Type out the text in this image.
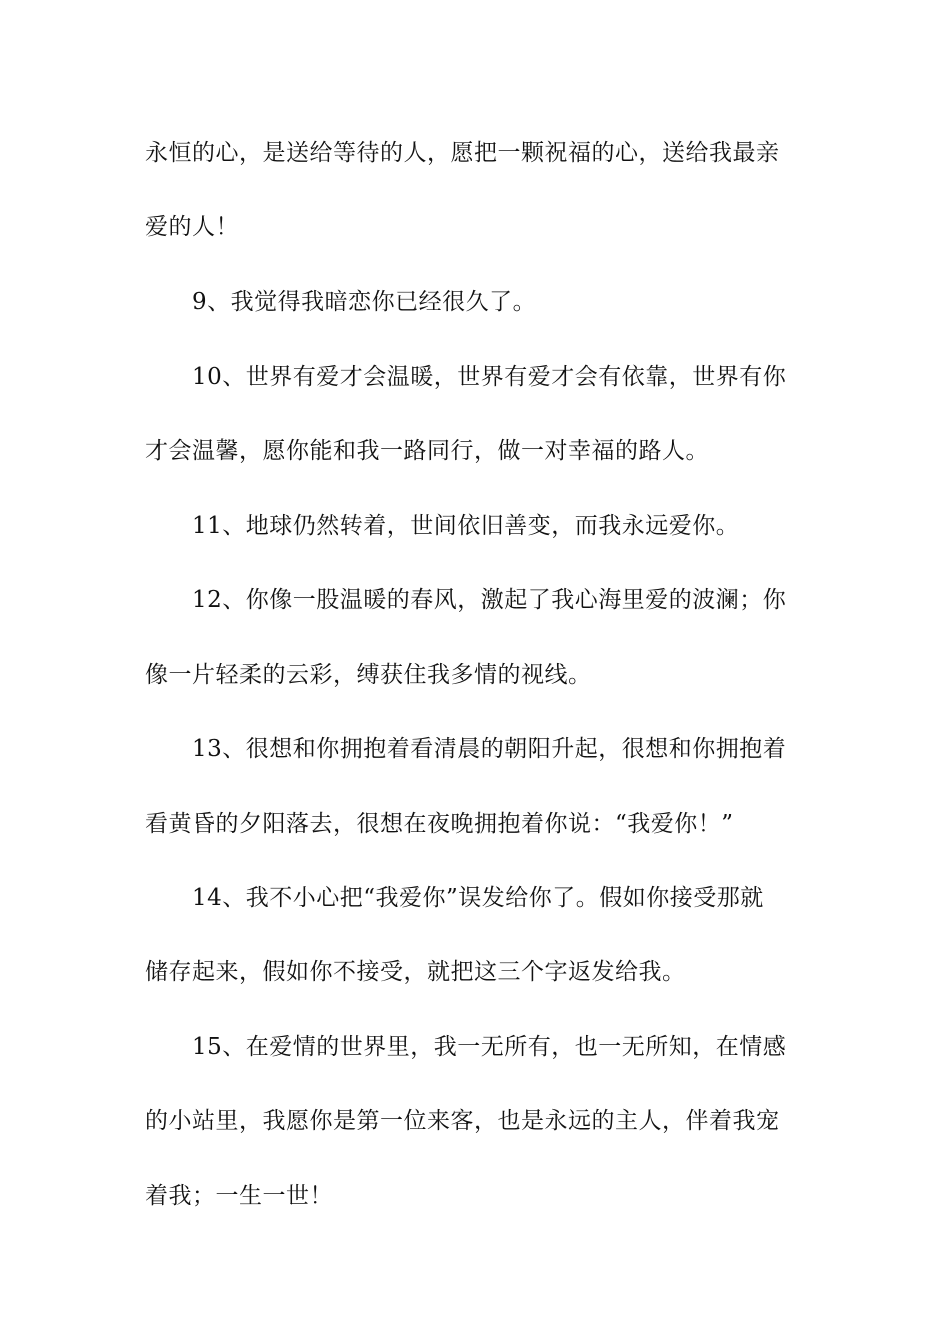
永恒的心，是送给等待的人，愿把一颗祝福的心，送给我最亲
爱的人！
9、我觉得我暗恋你已经很久了。
10、世界有爱才会温暖，世界有爱才会有依靠，世界有你
才会温馨，愿你能和我一路同行，做一对幸福的路人。
11、地球仍然转着，世间依旧善变，而我永远爱你。
12、你像一股温暖的春风，激起了我心海里爱的波澜；你
像一片轻柔的云彩，缚获住我多情的视线。
13、很想和你拥抱着看清晨的朝阳升起，很想和你拥抱着
看黄昏的夕阳落去，很想在夜晚拥抱着你说：“我爱你！”
14、我不小心把“我爱你”误发给你了。假如你接受那就
储存起来，假如你不接受，就把这三个字返发给我。
15、在爱情的世界里，我一无所有，也一无所知，在情感
的小站里，我愿你是第一位来客，也是永远的主人，伴着我宠
着我；一生一世！
